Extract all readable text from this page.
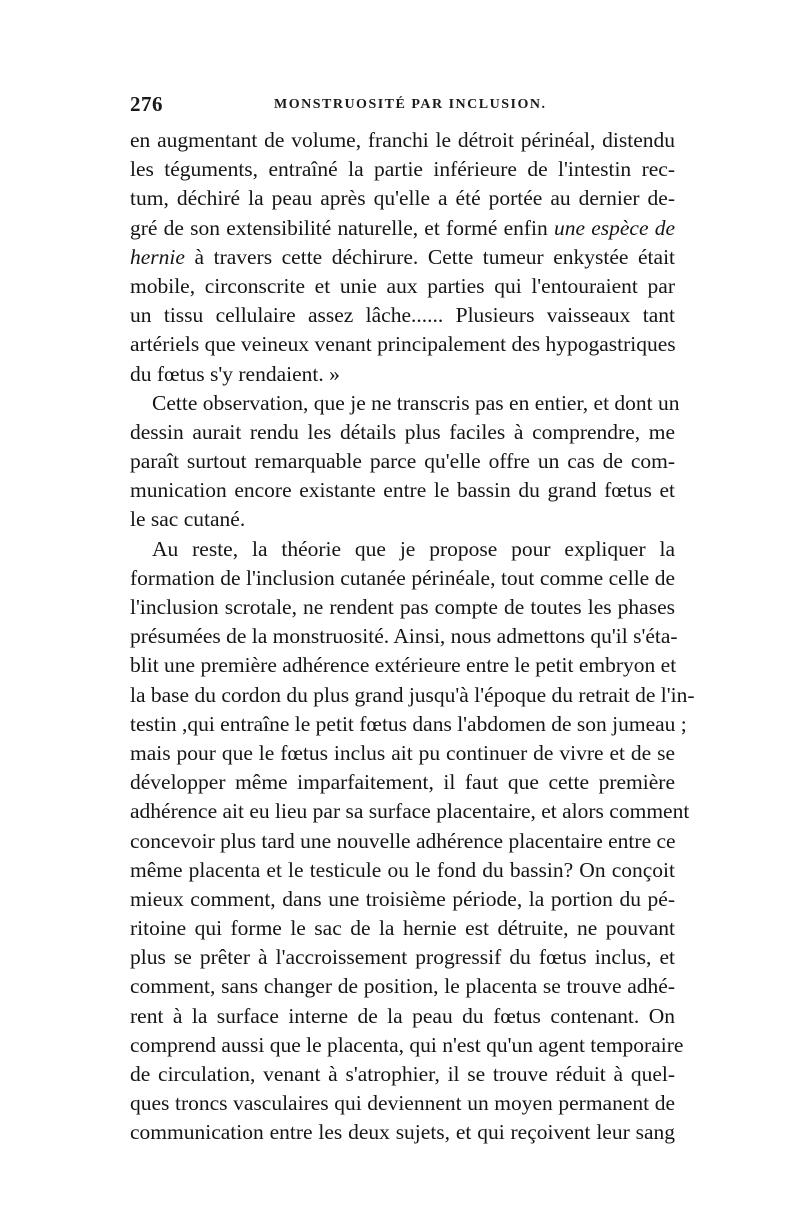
276	MONSTRUOSITÉ PAR INCLUSION.
en augmentant de volume, franchi le détroit périnéal, distendu
les téguments, entraîné la partie inférieure de l'intestin rec-
tum, déchiré la peau après qu'elle a été portée au dernier de-
gré de son extensibilité naturelle, et formé enfin une espèce de
hernie à travers cette déchirure. Cette tumeur enkystée était
mobile, circonscrite et unie aux parties qui l'entouraient par
un tissu cellulaire assez lâche...... Plusieurs vaisseaux tant
artériels que veineux venant principalement des hypogastriques
du fœtus s'y rendaient. »
Cette observation, que je ne transcris pas en entier, et dont un
dessin aurait rendu les détails plus faciles à comprendre, me
paraît surtout remarquable parce qu'elle offre un cas de com-
munication encore existante entre le bassin du grand fœtus et
le sac cutané.
Au reste, la théorie que je propose pour expliquer la
formation de l'inclusion cutanée périnéale, tout comme celle de
l'inclusion scrotale, ne rendent pas compte de toutes les phases
présumées de la monstruosité. Ainsi, nous admettons qu'il s'éta-
blit une première adhérence extérieure entre le petit embryon et
la base du cordon du plus grand jusqu'à l'époque du retrait de l'in-
testin ,qui entraîne le petit fœtus dans l'abdomen de son jumeau ;
mais pour que le fœtus inclus ait pu continuer de vivre et de se
développer même imparfaitement, il faut que cette première
adhérence ait eu lieu par sa surface placentaire, et alors comment
concevoir plus tard une nouvelle adhérence placentaire entre ce
même placenta et le testicule ou le fond du bassin? On conçoit
mieux comment, dans une troisième période, la portion du pé-
ritoine qui forme le sac de la hernie est détruite, ne pouvant
plus se prêter à l'accroissement progressif du fœtus inclus, et
comment, sans changer de position, le placenta se trouve adhé-
rent à la surface interne de la peau du fœtus contenant. On
comprend aussi que le placenta, qui n'est qu'un agent temporaire
de circulation, venant à s'atrophier, il se trouve réduit à quel-
ques troncs vasculaires qui deviennent un moyen permanent de
communication entre les deux sujets, et qui reçoivent leur sang
